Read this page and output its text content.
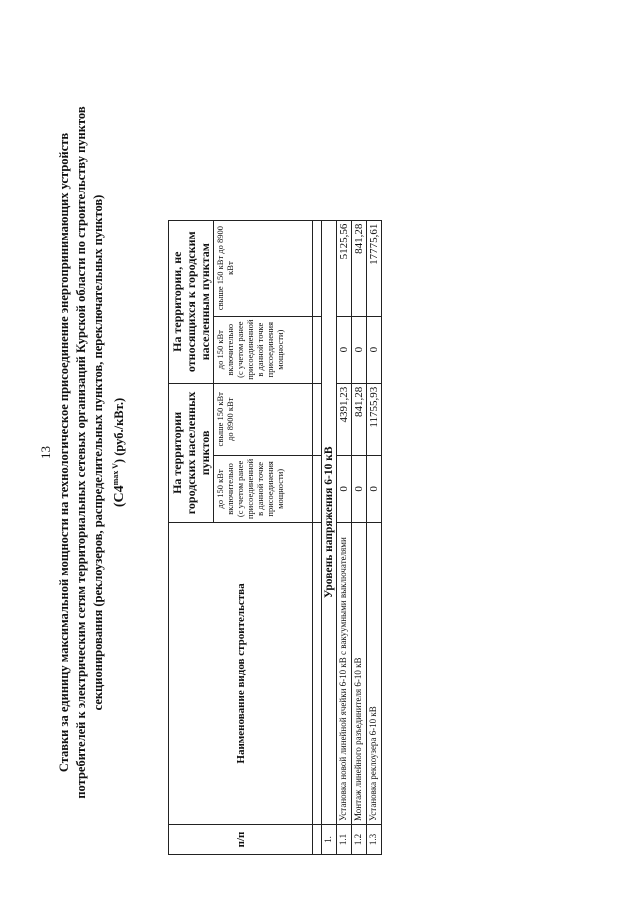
13 Ставки за единицу максимальной мощности на технологическое присоединение энергопринимающих устройств потребителей к электрическим сетям территориальных сетевых организаций Курской области по строительству пунктов секционирования (реклоузеров, распределительных пунктов, переключательных пунктов) $(С4^{max V})$ (руб./кВт.)
п/п	Наименование видов строительства	На территории городских населенных пунктов		На территории, не относящихся к городским населенным пунктам	
		до 150 кВт включительно (с учетом ранее присоединенной в данной точке присоединения мощности)	свыше 150 кВт до 8900 кВт	до 150 кВт включительно (с учетом ранее присоединенной в данной точке присоединения мощности)	свыше 150 кВт до 8900 кВт

1.	Уровень напряжения 6-10 кВ				
1.1	Установка новой линейной ячейки 6-10 кВ с вакуумными выключателями	0	4391,23	0	5125,56
1.2	Монтаж линейного разъединителя 6-10 кВ	0	841,28	0	841,28
1.3	Установка реклоузера 6-10 кВ	0	11755,93	0	17775,61
